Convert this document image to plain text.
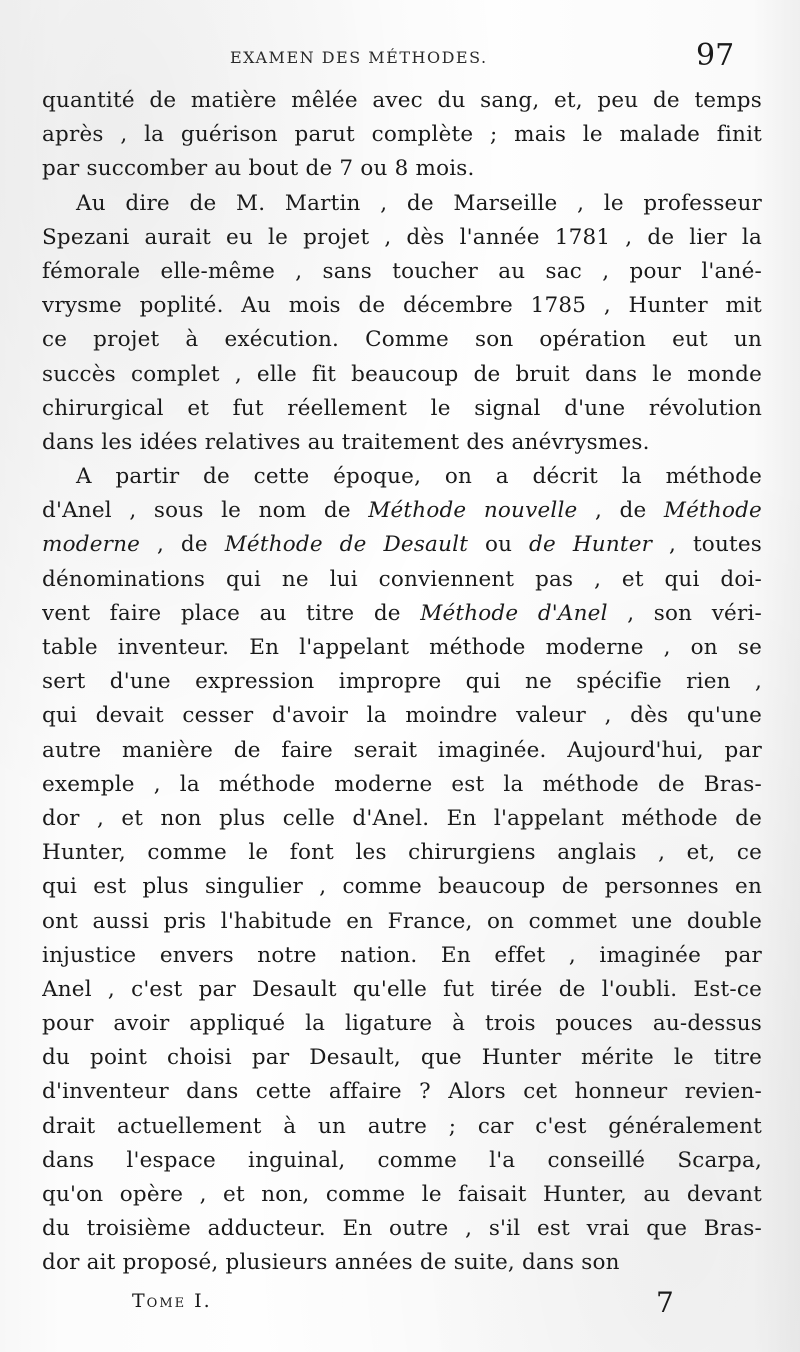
EXAMEN DES MÉTHODES.	97
quantité de matière mêlée avec du sang, et, peu de temps
après , la guérison parut complète ; mais le malade finit
par succomber au bout de 7 ou 8 mois.
Au dire de M. Martin , de Marseille , le professeur
Spezani aurait eu le projet , dès l'année 1781 , de lier la
fémorale elle-même , sans toucher au sac , pour l'ané-
vrysme poplité. Au mois de décembre 1785 , Hunter mit
ce projet à exécution. Comme son opération eut un
succès complet , elle fit beaucoup de bruit dans le monde
chirurgical et fut réellement le signal d'une révolution
dans les idées relatives au traitement des anévrysmes.
A partir de cette époque, on a décrit la méthode
d'Anel , sous le nom de Méthode nouvelle , de Méthode
moderne , de Méthode de Desault ou de Hunter , toutes
dénominations qui ne lui conviennent pas , et qui doi-
vent faire place au titre de Méthode d'Anel , son véri-
table inventeur. En l'appelant méthode moderne , on se
sert d'une expression impropre qui ne spécifie rien ,
qui devait cesser d'avoir la moindre valeur , dès qu'une
autre manière de faire serait imaginée. Aujourd'hui, par
exemple , la méthode moderne est la méthode de Bras-
dor , et non plus celle d'Anel. En l'appelant méthode de
Hunter, comme le font les chirurgiens anglais , et, ce
qui est plus singulier , comme beaucoup de personnes en
ont aussi pris l'habitude en France, on commet une double
injustice envers notre nation. En effet , imaginée par
Anel , c'est par Desault qu'elle fut tirée de l'oubli. Est-ce
pour avoir appliqué la ligature à trois pouces au-dessus
du point choisi par Desault, que Hunter mérite le titre
d'inventeur dans cette affaire ? Alors cet honneur revien-
drait actuellement à un autre ; car c'est généralement
dans l'espace inguinal, comme l'a conseillé Scarpa,
qu'on opère , et non, comme le faisait Hunter, au devant
du troisième adducteur. En outre , s'il est vrai que Bras-
dor ait proposé, plusieurs années de suite, dans son
Tome I.	7
